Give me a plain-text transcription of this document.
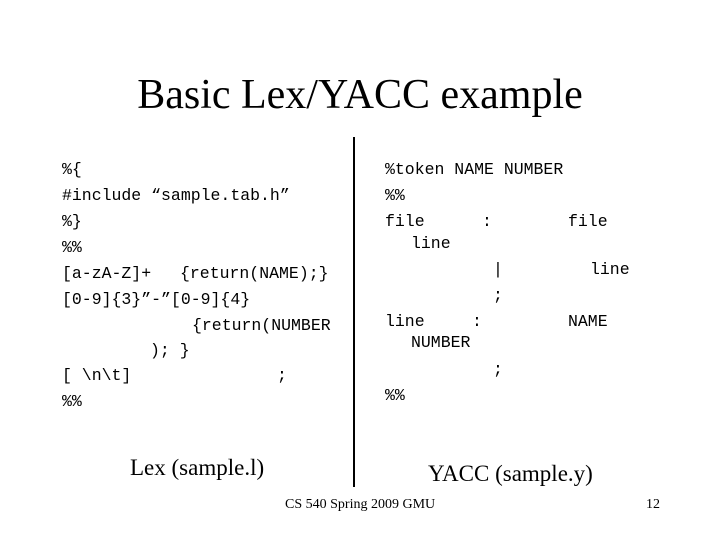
Basic Lex/YACC example
%{
#include “sample.tab.h”
%}
%%
[a-zA-Z]+ {return(NAME);}
[0-9]{3}”-”[0-9]{4}
{return(NUMBER
); }
[ \n\t]	;
%%
%token NAME NUMBER
%%
file	:	file
line
|	line
;
line	:	NAME
NUMBER
;
%%
Lex (sample.l)	YACC (sample.y)
CS 540 Spring 2009 GMU	12
